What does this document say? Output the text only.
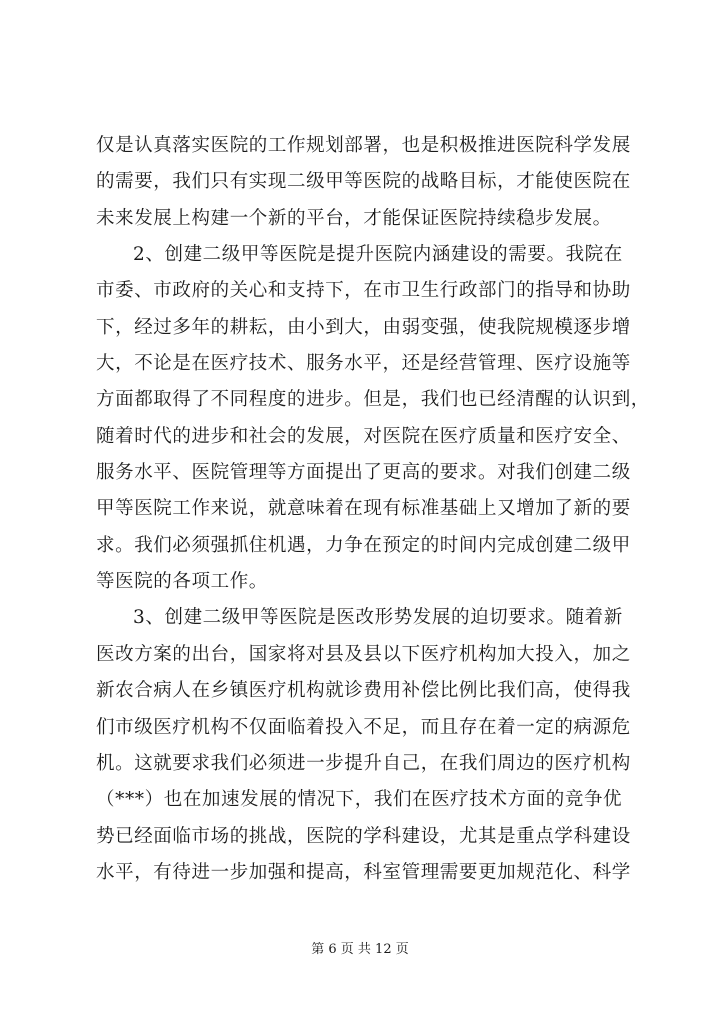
仅是认真落实医院的工作规划部署，也是积极推进医院科学发展
的需要，我们只有实现二级甲等医院的战略目标，才能使医院在
未来发展上构建一个新的平台，才能保证医院持续稳步发展。
2、创建二级甲等医院是提升医院内涵建设的需要。我院在
市委、市政府的关心和支持下，在市卫生行政部门的指导和协助
下，经过多年的耕耘，由小到大，由弱变强，使我院规模逐步增
大，不论是在医疗技术、服务水平，还是经营管理、医疗设施等
方面都取得了不同程度的进步。但是，我们也已经清醒的认识到，
随着时代的进步和社会的发展，对医院在医疗质量和医疗安全、
服务水平、医院管理等方面提出了更高的要求。对我们创建二级
甲等医院工作来说，就意味着在现有标准基础上又增加了新的要
求。我们必须强抓住机遇，力争在预定的时间内完成创建二级甲
等医院的各项工作。
3、创建二级甲等医院是医改形势发展的迫切要求。随着新
医改方案的出台，国家将对县及县以下医疗机构加大投入，加之
新农合病人在乡镇医疗机构就诊费用补偿比例比我们高，使得我
们市级医疗机构不仅面临着投入不足，而且存在着一定的病源危
机。这就要求我们必须进一步提升自己，在我们周边的医疗机构
（***）也在加速发展的情况下，我们在医疗技术方面的竞争优
势已经面临市场的挑战，医院的学科建设，尤其是重点学科建设
水平，有待进一步加强和提高，科室管理需要更加规范化、科学
第 6 页 共 12 页
